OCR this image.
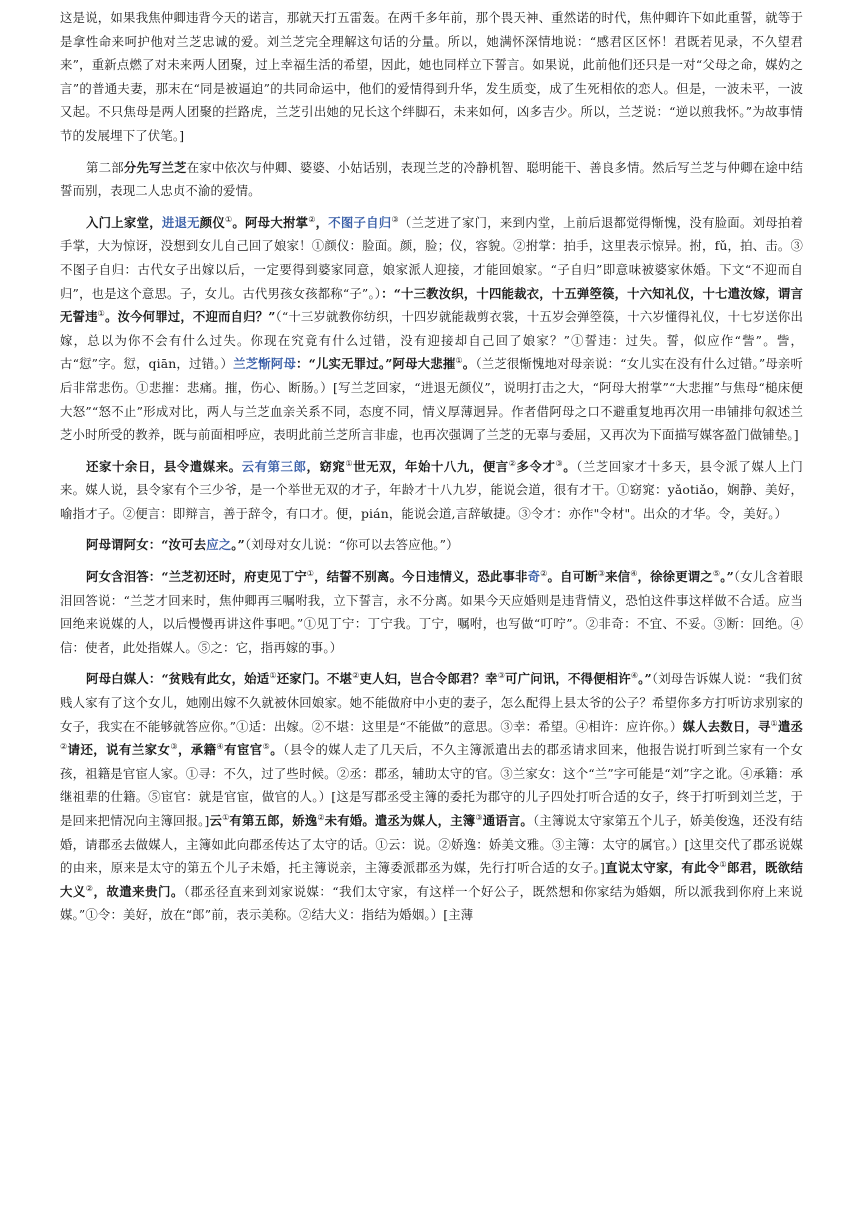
这是说，如果我焦仲卿违背今天的诺言，那就天打五雷轰。在两千多年前，那个畏天神、重然诺的时代，焦仲卿许下如此重誓，就等于是拿性命来呵护他对兰芝忠诚的爱。刘兰芝完全理解这句话的分量。所以，她满怀深情地说：“感君区区怀！君既若见录，不久望君来”，重新点燃了对未来两人团聚，过上幸福生活的希望，因此，她也同样立下誓言。如果说，此前他们还只是一对“父母之命，媒妁之言”的普通夫妻，那末在“同是被逼迫”的共同命运中，他们的爱情得到升华，发生质变，成了生死相依的恋人。但是，一波未平，一波又起。不只焦母是两人团聚的拦路虎，兰芝引出她的兄长这个绊脚石，未来如何，凶多吉少。所以，兰芝说：“逆以煎我怀。”为故事情节的发展埋下了伏笔。]

第二部分先写兰芝在家中依次与仲卿、婆婆、小姑话别，表现兰芝的冷静机智、聪明能干、善良多情。然后写兰芝与仲卿在途中结誓而别，表现二人忠贞不渝的爱情。

入门上家堂，进退无颜仪①。阿母大拊掌②，不图子自归③（兰芝进了家门，来到内堂，上前后退都觉得惭愧，没有脸面。刘母拍着手掌，大为惊讶，没想到女儿自己回了娘家！①颜仪：脸面。颜，脸；仪，容貌。②拊掌：拍手，这里表示惊异。拊，fǔ，拍、击。③不图子自归：古代女子出嫁以后，一定要得到婆家同意，娘家派人迎接，才能回娘家。“子自归”即意味被婆家休婚。下文“不迎而自归”，也是这个意思。子，女儿。古代男孩女孩都称“子”。）：“十三教汝织，十四能裁衣，十五弹箜篌，十六知礼仪，十七遣汝嫁，谓言无誓违①。汝今何罪过，不迎而自归？”（“十三岁就教你纺织，十四岁就能裁剪衣裳，十五岁会弹箜篌，十六岁懂得礼仪，十七岁送你出嫁，总以为你不会有什么过失。你现在究竟有什么过错，没有迎接却自己回了娘家？”①誓违：过失。誓，似应作“訾”。訾，古“愆”字。愆，qiān，过错。）兰芝惭阿母：“儿实无罪过。”阿母大悲摧①。（兰芝很惭愧地对母亲说：“女儿实在没有什么过错。”母亲听后非常悲伤。①悲摧：悲痛。摧，伤心、断肠。）[写兰芝回家，“进退无颜仪”，说明打击之大，“阿母大拊掌”“大悲摧”与焦母“槌床便大怒”“怒不止”形成对比，两人与兰芝血亲关系不同，态度不同，情义厚薄迥异。作者借阿母之口不避重复地再次用一串铺排句叙述兰芝小时所受的教养，既与前面相呼应，表明此前兰芝所言非虚，也再次强调了兰芝的无辜与委屈，又再次为下面描写媒客盈门做铺垫。]

还家十余日，县令遣媒来。云有第三郎，窈窕①世无双，年始十八九，便言②多令才③。（兰芝回家才十多天，县令派了媒人上门来。媒人说，县令家有个三少爷，是一个举世无双的才子，年龄才十八九岁，能说会道，很有才干。①窈窕：yǎotiǎo，娴静、美好，喻指才子。②便言：即辩言，善于辞令，有口才。便，pián，能说会道,言辞敏捷。③令才：亦作"令材"。出众的才华。令，美好。）

阿母谓阿女：“汝可去应之。”（刘母对女儿说：“你可以去答应他。”）

阿女含泪答：“兰芝初还时，府吏见丁宁①，结誓不别离。今日违情义，恐此事非奇②。自可断③来信④，徐徐更谓之⑤。”（女儿含着眼泪回答说：“兰芝才回来时，焦仲卿再三嘱咐我，立下誓言，永不分离。如果今天应婚则是违背情义，恐怕这件事这样做不合适。应当回绝来说媒的人，以后慢慢再讲这件事吧。”①见丁宁：丁宁我。丁宁，嘱咐，也写做“叮咛”。②非奇：不宜、不妥。③断：回绝。④信：使者，此处指媒人。⑤之：它，指再嫁的事。）

阿母白媒人：“贫贱有此女，始适①还家门。不堪②吏人妇，岂合令郎君？幸③可广问讯，不得便相许④。”（刘母告诉媒人说：“我们贫贱人家有了这个女儿，她刚出嫁不久就被休回娘家。她不能做府中小吏的妻子，怎么配得上县太爷的公子？希望你多方打听访求别家的女子，我实在不能够就答应你。”①适：出嫁。②不堪：这里是“不能做”的意思。③幸：希望。④相许：应许你。）媒人去数日，寻①遣丞②请还，说有兰家女③，承籍④有宦官⑤。（县令的媒人走了几天后，不久主簿派遣出去的郡丞请求回来，他报告说打听到兰家有一个女孩，祖籍是官宦人家。①寻：不久，过了些时候。②丞：郡丞，辅助太守的官。③兰家女：这个“兰”字可能是“刘”字之讹。④承籍：承继祖辈的仕籍。⑤宦官：就是官宦，做官的人。）[这是写郡丞受主簿的委托为郡守的儿子四处打听合适的女子，终于打听到刘兰芝，于是回来把情况向主簿回报。]云①有第五郎，娇逸②未有婚。遣丞为媒人，主簿③通语言。（主簿说太守家第五个儿子，娇美俊逸，还没有结婚，请郡丞去做媒人，主簿如此向郡丞传达了太守的话。①云：说。②娇逸：娇美文雅。③主簿：太守的属官。）[这里交代了郡丞说媒的由来，原来是太守的第五个儿子未婚，托主簿说亲，主簿委派郡丞为媒，先行打听合适的女子。]直说太守家，有此令①郎君，既欲结大义②，故遣来贵门。（郡丞径直来到刘家说媒：“我们太守家，有这样一个好公子，既然想和你家结为婚姻，所以派我到你府上来说媒。”①令：美好，放在“郎”前，表示美称。②结大义：指结为婚姻。）[主薄
